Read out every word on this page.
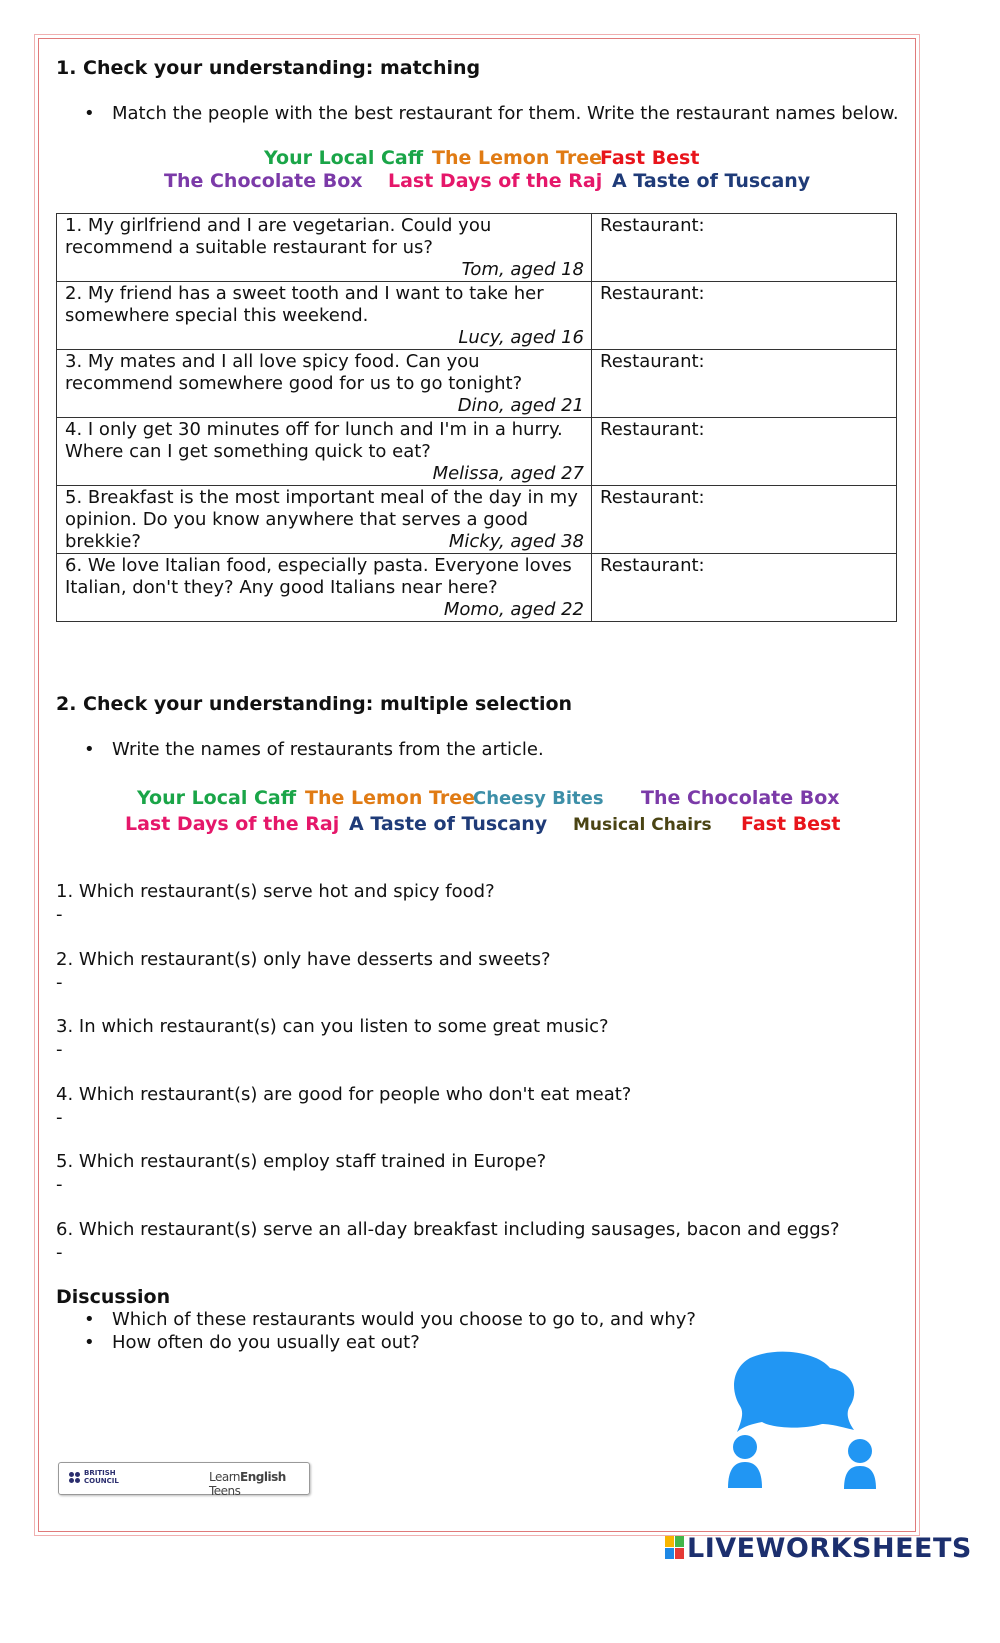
1. Check your understanding: matching
• Match the people with the best restaurant for them. Write the restaurant names below.
Your Local Caff The Lemon Tree
Fast Best
The Chocolate Box Last Days of the Raj A Taste of Tuscany
1. My girlfriend and I are vegetarian. Could you recommend a suitable restaurant for us?
Tom, aged 18	Restaurant:

2. My friend has a sweet tooth and I want to take her somewhere special this weekend.
Lucy, aged 16	Restaurant:

3. My mates and I all love spicy food. Can you recommend somewhere good for us to go tonight?
Dino, aged 21	Restaurant:

4. I only get 30 minutes off for lunch and I'm in a hurry. Where can I get something quick to eat?
Melissa, aged 27	Restaurant:

5. Breakfast is the most important meal of the day in my opinion. Do you know anywhere that serves a good brekkie? Micky, aged 38	Restaurant:

6. We love Italian food, especially pasta. Everyone loves Italian, don't they? Any good Italians near here?
Momo, aged 22	Restaurant:
2. Check your understanding: multiple selection
• Write the names of restaurants from the article.
Your Local Caff The Lemon Tree
Cheesy Bites The Chocolate Box
Last Days of the Raj A Taste of Tuscany Musical Chairs Fast Best
1. Which restaurant(s) serve hot and spicy food?
-
2. Which restaurant(s) only have desserts and sweets?
-
3. In which restaurant(s) can you listen to some great music?
-
4. Which restaurant(s) are good for people who don't eat meat?
-
5. Which restaurant(s) employ staff trained in Europe?
-
6. Which restaurant(s) serve an all-day breakfast including sausages, bacon and eggs?
-
Discussion
• Which of these restaurants would you choose to go to, and why?
• How often do you usually eat out?
BRITISH
COUNCIL	LearnEnglish Teens
LIVEWORKSHEETS
